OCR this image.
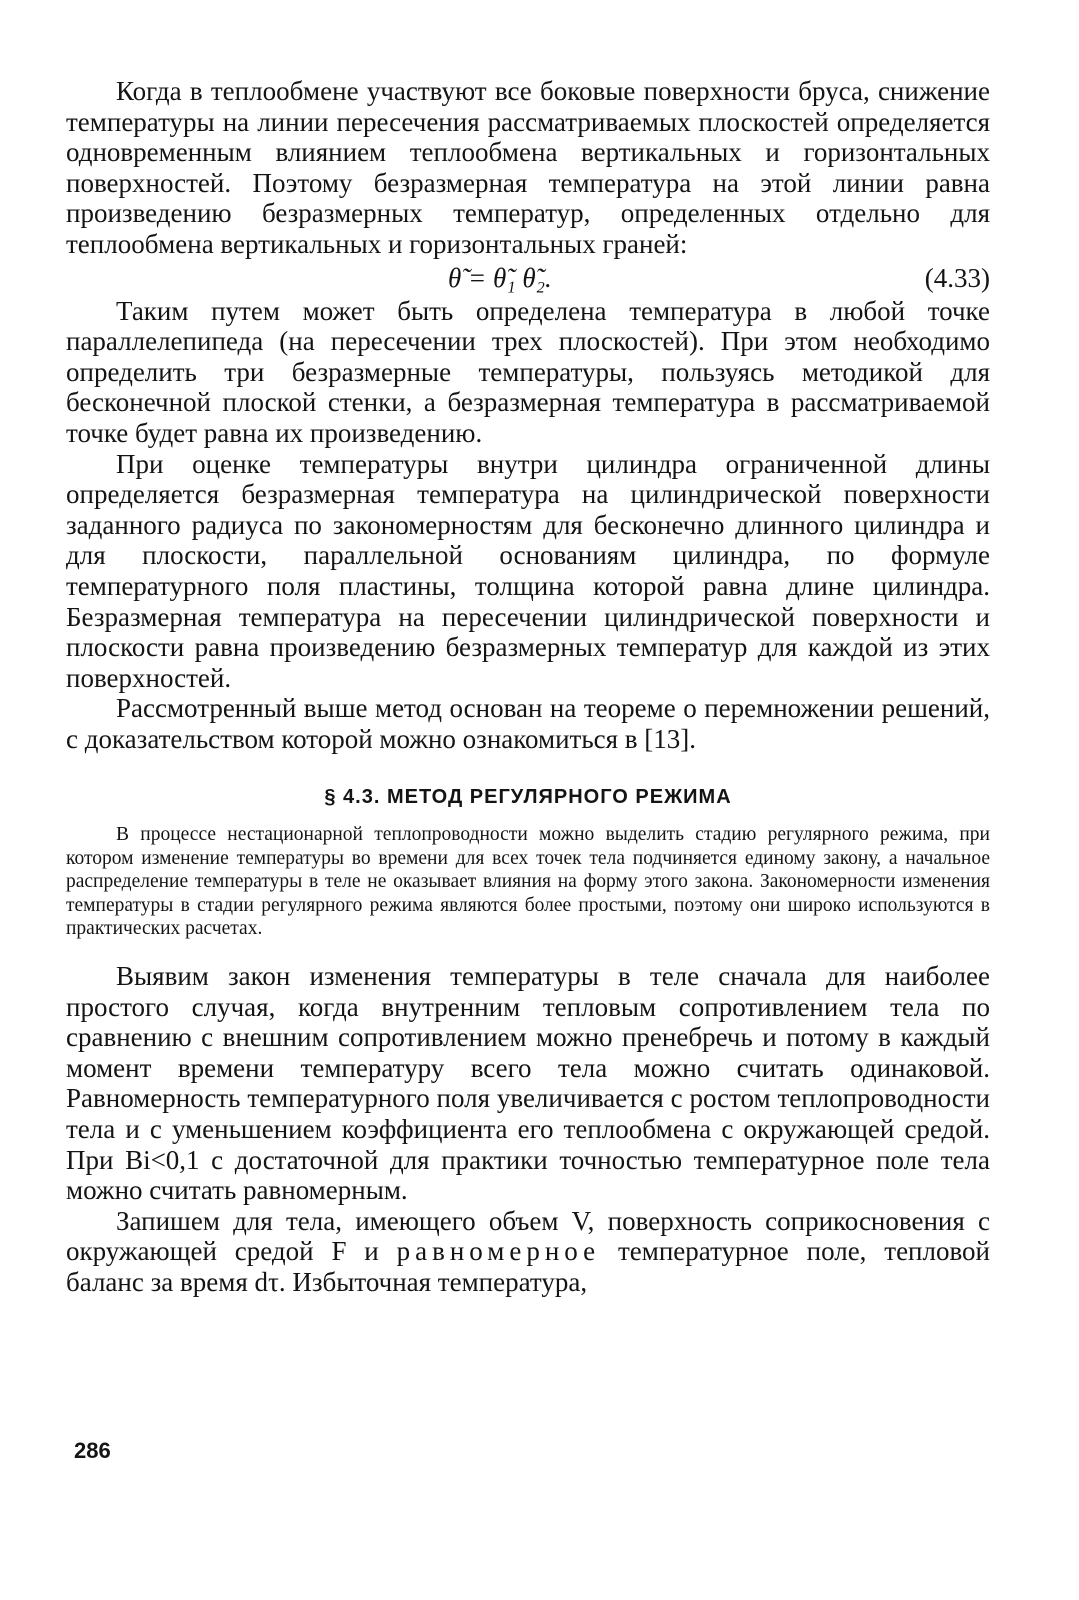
Когда в теплообмене участвуют все боковые поверхности бруса, снижение температуры на линии пересечения рассматриваемых плоскостей определяется одновременным влиянием теплообмена вертикальных и горизонтальных поверхностей. Поэтому безразмерная температура на этой линии равна произведению безразмерных температур, определенных отдельно для теплообмена вертикальных и горизонтальных граней:

θ̃ = θ̃₁ θ̃₂.	(4.33)

Таким путем может быть определена температура в любой точке параллелепипеда (на пересечении трех плоскостей). При этом необходимо определить три безразмерные температуры, пользуясь методикой для бесконечной плоской стенки, а безразмерная температура в рассматриваемой точке будет равна их произведению.

При оценке температуры внутри цилиндра ограниченной длины определяется безразмерная температура на цилиндрической поверхности заданного радиуса по закономерностям для бесконечно длинного цилиндра и для плоскости, параллельной основаниям цилиндра, по формуле температурного поля пластины, толщина которой равна длине цилиндра. Безразмерная температура на пересечении цилиндрической поверхности и плоскости равна произведению безразмерных температур для каждой из этих поверхностей.

Рассмотренный выше метод основан на теореме о перемножении решений, с доказательством которой можно ознакомиться в [13].

§ 4.3. МЕТОД РЕГУЛЯРНОГО РЕЖИМА

В процессе нестационарной теплопроводности можно выделить стадию регулярного режима, при котором изменение температуры во времени для всех точек тела подчиняется единому закону, а начальное распределение температуры в теле не оказывает влияния на форму этого закона. Закономерности изменения температуры в стадии регулярного режима являются более простыми, поэтому они широко используются в практических расчетах.

Выявим закон изменения температуры в теле сначала для наиболее простого случая, когда внутренним тепловым сопротивлением тела по сравнению с внешним сопротивлением можно пренебречь и потому в каждый момент времени температуру всего тела можно считать одинаковой. Равномерность температурного поля увеличивается с ростом теплопроводности тела и с уменьшением коэффициента его теплообмена с окружающей средой. При Bi<0,1 с достаточной для практики точностью температурное поле тела можно считать равномерным.

Запишем для тела, имеющего объем V, поверхность соприкосновения с окружающей средой F и равномерное температурное поле, тепловой баланс за время dτ. Избыточная температура,

286
